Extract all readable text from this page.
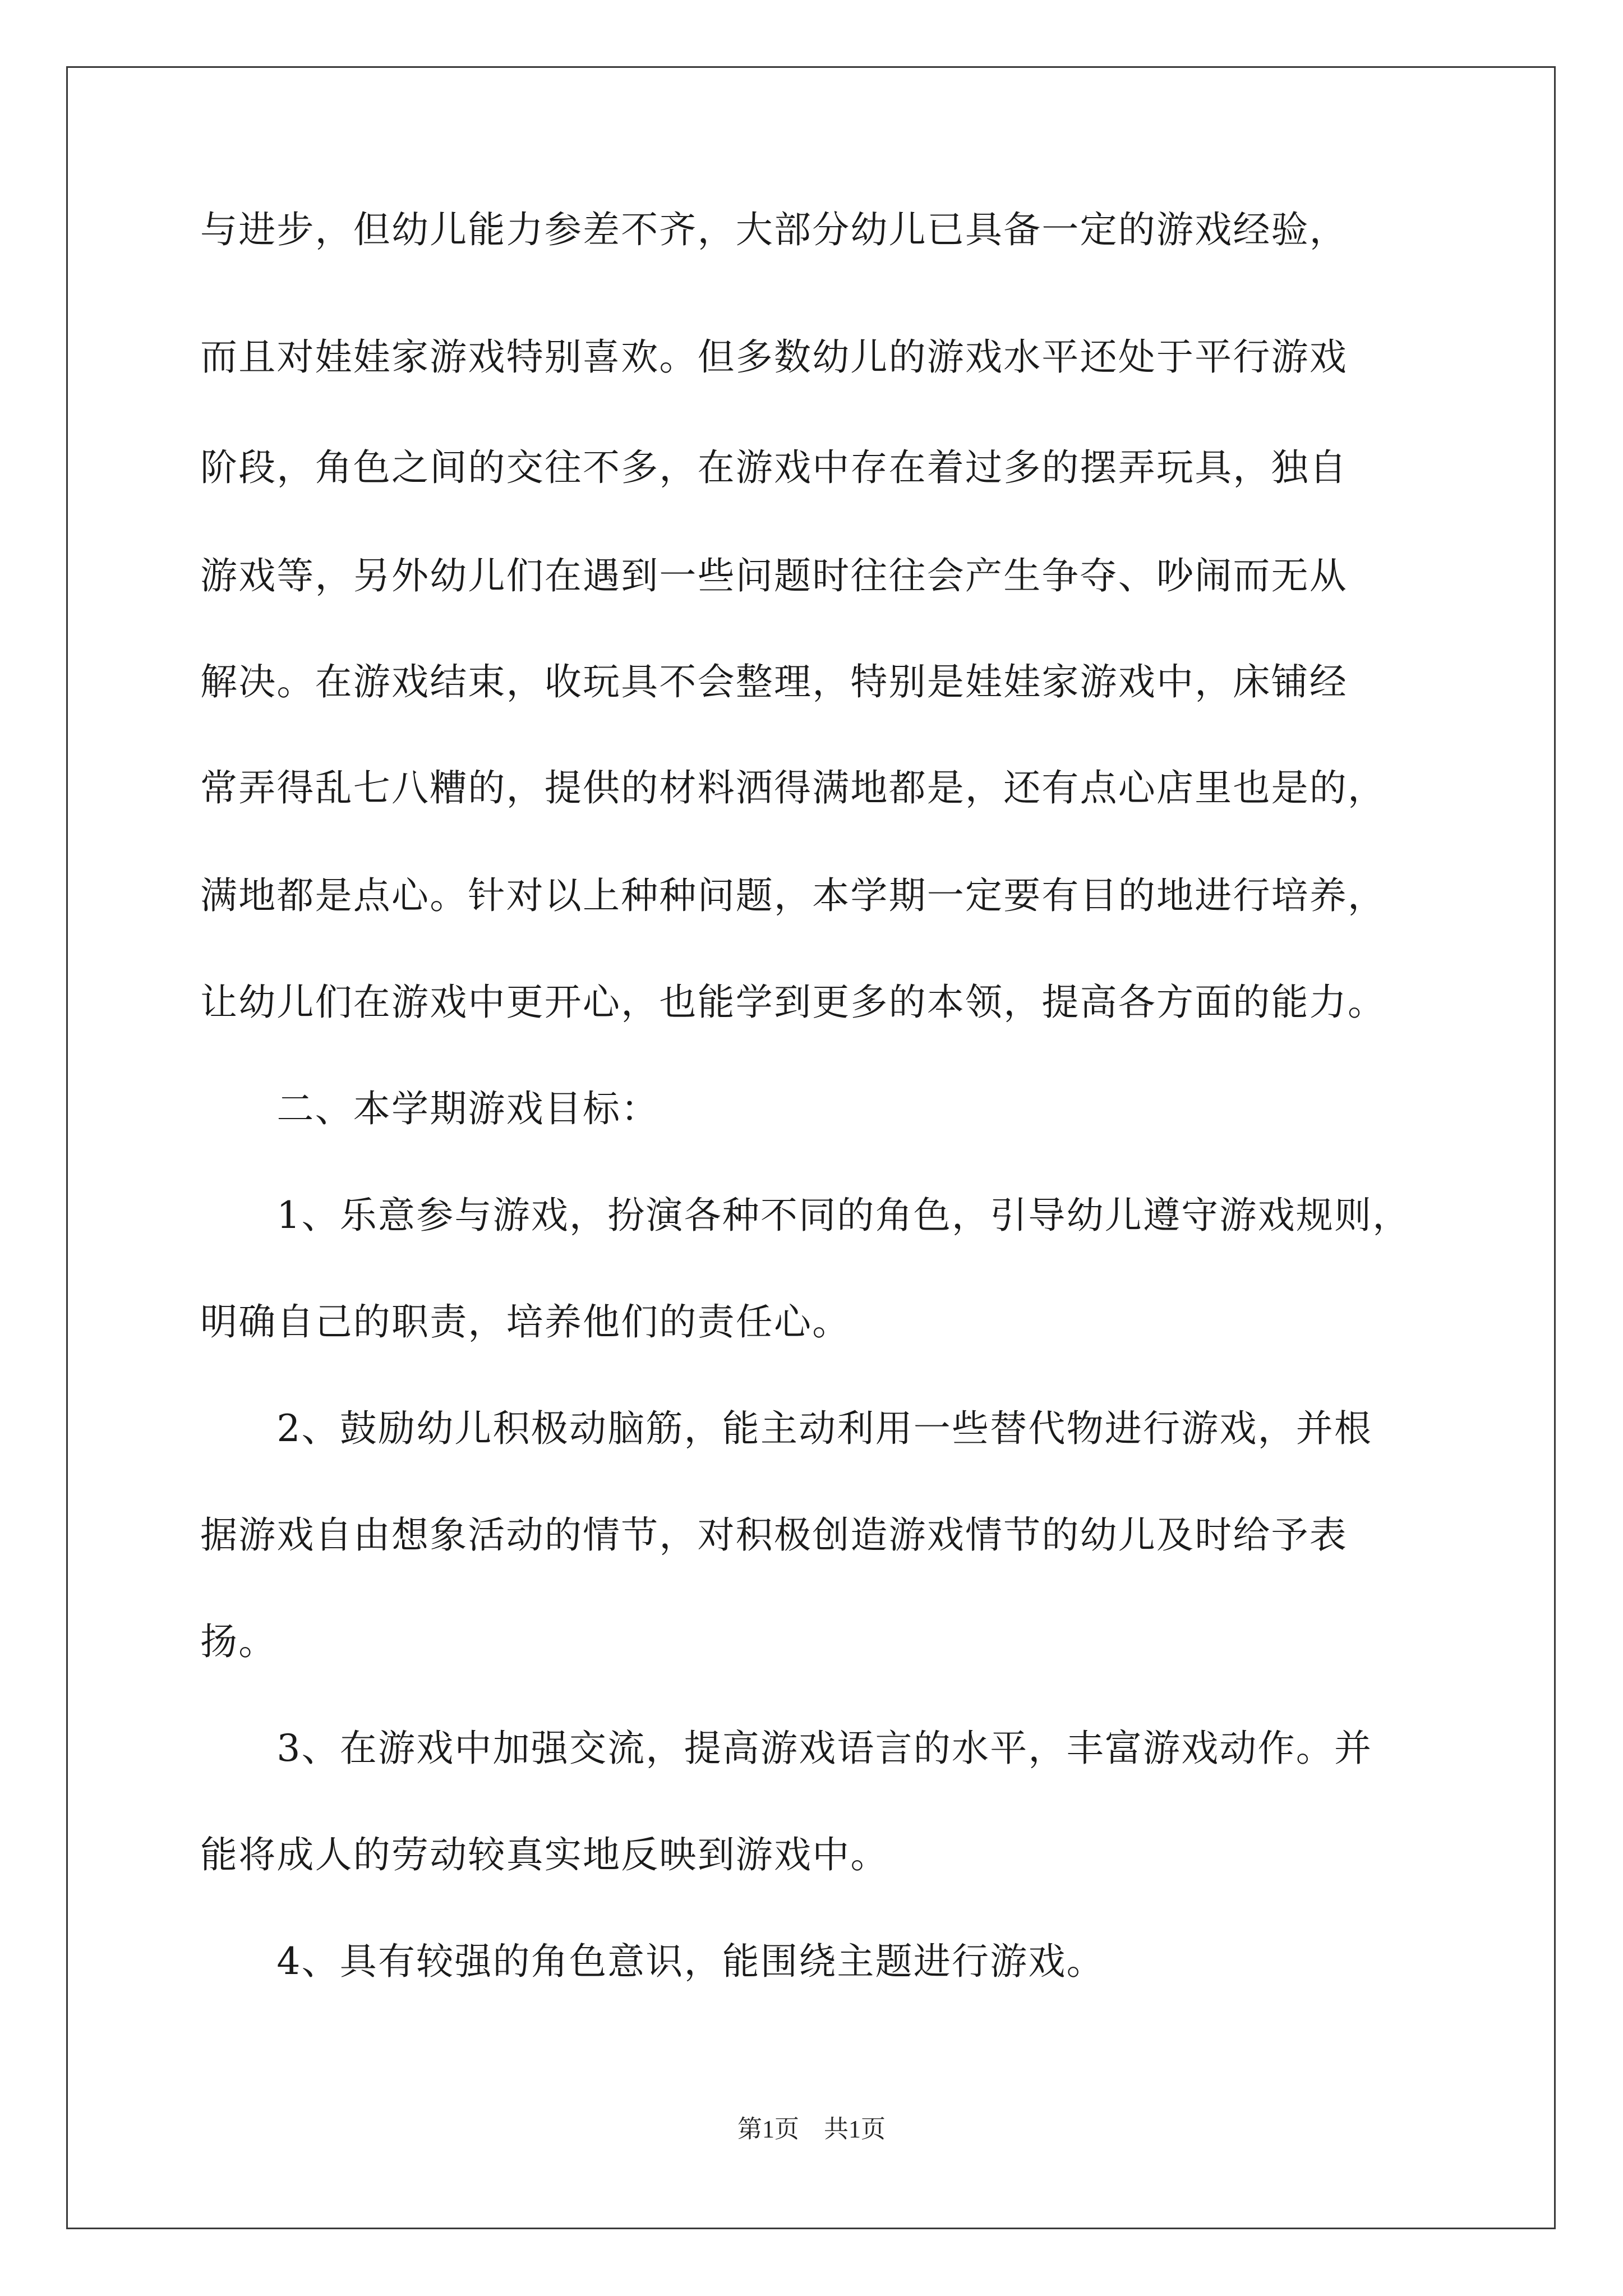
与进步，但幼儿能力参差不齐，大部分幼儿已具备一定的游戏经验，
而且对娃娃家游戏特别喜欢。但多数幼儿的游戏水平还处于平行游戏
阶段，角色之间的交往不多，在游戏中存在着过多的摆弄玩具，独自
游戏等，另外幼儿们在遇到一些问题时往往会产生争夺、吵闹而无从
解决。在游戏结束，收玩具不会整理，特别是娃娃家游戏中，床铺经
常弄得乱七八糟的，提供的材料洒得满地都是，还有点心店里也是的，
满地都是点心。针对以上种种问题，本学期一定要有目的地进行培养，
让幼儿们在游戏中更开心，也能学到更多的本领，提高各方面的能力。
　　二、本学期游戏目标：
　　1、乐意参与游戏，扮演各种不同的角色，引导幼儿遵守游戏规则，
明确自己的职责，培养他们的责任心。
　　2、鼓励幼儿积极动脑筋，能主动利用一些替代物进行游戏，并根
据游戏自由想象活动的情节，对积极创造游戏情节的幼儿及时给予表
扬。
　　3、在游戏中加强交流，提高游戏语言的水平，丰富游戏动作。并
能将成人的劳动较真实地反映到游戏中。
　　4、具有较强的角色意识，能围绕主题进行游戏。
第1页　共1页
